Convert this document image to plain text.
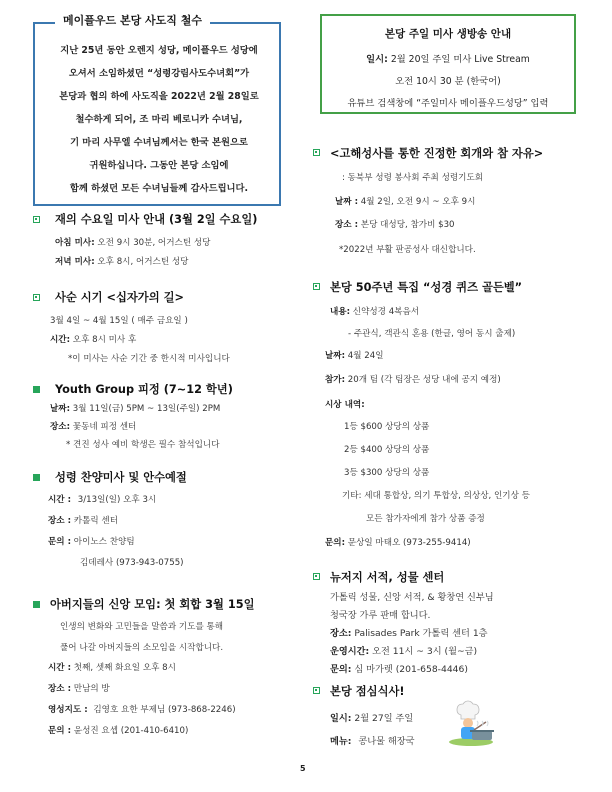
지난 25년 동안 오렌지 성당, 메이플우드 성당에
오셔서 소임하셨던 “성령강림사도수녀회”가
본당과 협의 하에 사도직을 2022년 2월 28일로
철수하게 되어, 조 마리 베로니카 수녀님,
기 마리 사무엘 수녀님께서는 한국 본원으로
귀원하십니다. 그동안 본당 소임에
함께 하셨던 모든 수녀님들께 감사드립니다.
메이플우드 본당 사도직 철수
본당 주일 미사 생방송 안내
일시: 2월 20일 주일 미사 Live Stream
오전 10시 30 분 (한국어)
유튜브 검색창에 “주일미사 메이플우드성당” 입력
재의 수요일 미사 안내 (3월 2일 수요일)
아침 미사: 오전 9시 30분, 어거스틴 성당
저녁 미사: 오후 8시, 어거스틴 성당
사순 시기 <십자가의 길>
3월 4일 ~ 4월 15일 ( 매주 금요일 )
시간: 오후 8시 미사 후
*이 미사는 사순 기간 중 한시적 미사입니다
Youth Group 피정 (7~12 학년)
날짜: 3월 11일(금) 5PM ~ 13일(주일) 2PM
장소: 꽃동네 피정 센터
* 견진 성사 예비 학생은 필수 참석입니다
성령 찬양미사 및 안수예절
시간 : 3/13일(일) 오후 3시
장소 : 카톨릭 센터
문의 : 아이노스 찬양팀
김데레사 (973-943-0755)
아버지들의 신앙 모임: 첫 회합 3월 15일
인생의 변화와 고민들을 말씀과 기도를 통해
풀어 나갈 아버지들의 소모임을 시작합니다.
시간 : 첫째, 셋째 화요일 오후 8시
장소 : 만남의 방
영성지도 : 김영호 요한 부제님 (973-868-2246)
문의 : 윤성진 요셉 (201-410-6410)
<고해성사를 통한 진정한 회개와 참 자유>
: 동북부 성령 봉사회 주최 성령기도회
날짜 : 4월 2일, 오전 9시 ~ 오후 9시
장소 : 본당 대성당, 참가비 $30
*2022년 부활 판공성사 대신합니다.
본당 50주년 특집 “성경 퀴즈 골든벨”
내용: 신약성경 4복음서
- 주관식, 객관식 혼용 (한글, 영어 동시 출제)
날짜: 4월 24일
참가: 20개 팀 (각 팀장은 성당 내에 공지 예정)
시상 내역:
1등 $600 상당의 상품
2등 $400 상당의 상품
3등 $300 상당의 상품
기타: 세대 통합상, 의기 투합상, 의상상, 인기상 등
모든 참가자에게 참가 상품 증정
문의: 문상일 마태오 (973-255-9414)
뉴저지 서적, 성물 센터
가톨릭 성물, 신앙 서적, & 황창연 신부님
청국장 가루 판매 합니다.
장소: Palisades Park 가톨릭 센터 1층
운영시간: 오전 11시 ~ 3시 (월~금)
문의: 심 마가렛 (201-658-4446)
본당 점심식사!
일시: 2월 27일 주일
메뉴: 콩나물 해장국
5
